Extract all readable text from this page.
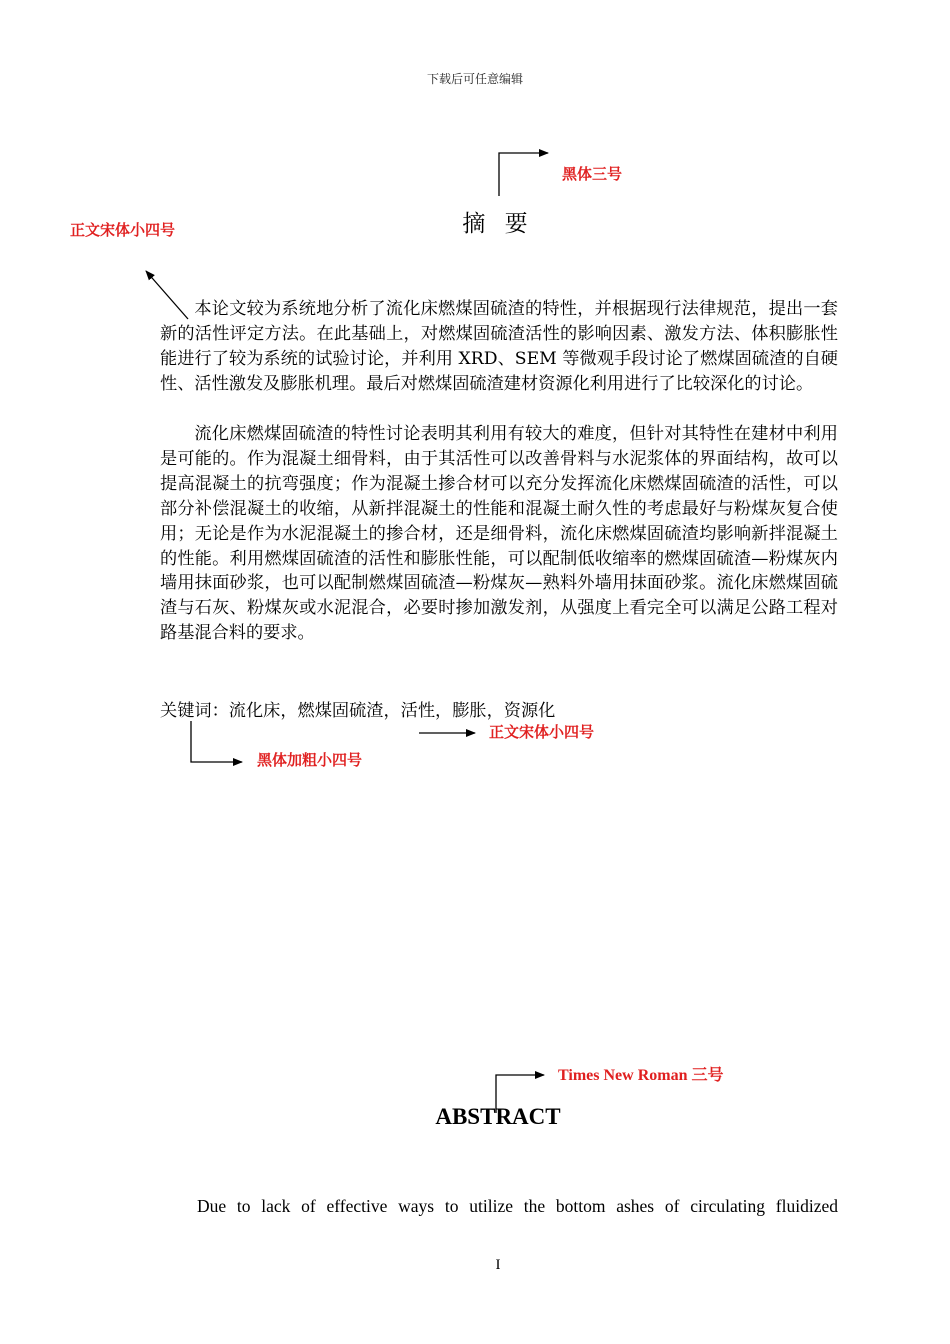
下载后可任意编辑
黑体三号
正文宋体小四号	摘 要
本论文较为系统地分析了流化床燃煤固硫渣的特性，并根据现行法律规范，提出一套新的活性评定方法。在此基础上，对燃煤固硫渣活性的影响因素、激发方法、体积膨胀性能进行了较为系统的试验讨论，并利用 XRD、SEM 等微观手段讨论了燃煤固硫渣的自硬性、活性激发及膨胀机理。最后对燃煤固硫渣建材资源化利用进行了比较深化的讨论。
流化床燃煤固硫渣的特性讨论表明其利用有较大的难度，但针对其特性在建材中利用是可能的。作为混凝土细骨料，由于其活性可以改善骨料与水泥浆体的界面结构，故可以提高混凝土的抗弯强度；作为混凝土掺合材可以充分发挥流化床燃煤固硫渣的活性，可以部分补偿混凝土的收缩，从新拌混凝土的性能和混凝土耐久性的考虑最好与粉煤灰复合使用；无论是作为水泥混凝土的掺合材，还是细骨料，流化床燃煤固硫渣均影响新拌混凝土的性能。利用燃煤固硫渣的活性和膨胀性能，可以配制低收缩率的燃煤固硫渣—粉煤灰内墙用抹面砂浆，也可以配制燃煤固硫渣—粉煤灰—熟料外墙用抹面砂浆。流化床燃煤固硫渣与石灰、粉煤灰或水泥混合，必要时掺加激发剂，从强度上看完全可以满足公路工程对路基混合料的要求。
关键词：流化床，燃煤固硫渣，活性，膨胀，资源化
正文宋体小四号
黑体加粗小四号
Times New Roman 三号
ABSTRACT
Due to lack of effective ways to utilize the bottom ashes of circulating fluidized
I
